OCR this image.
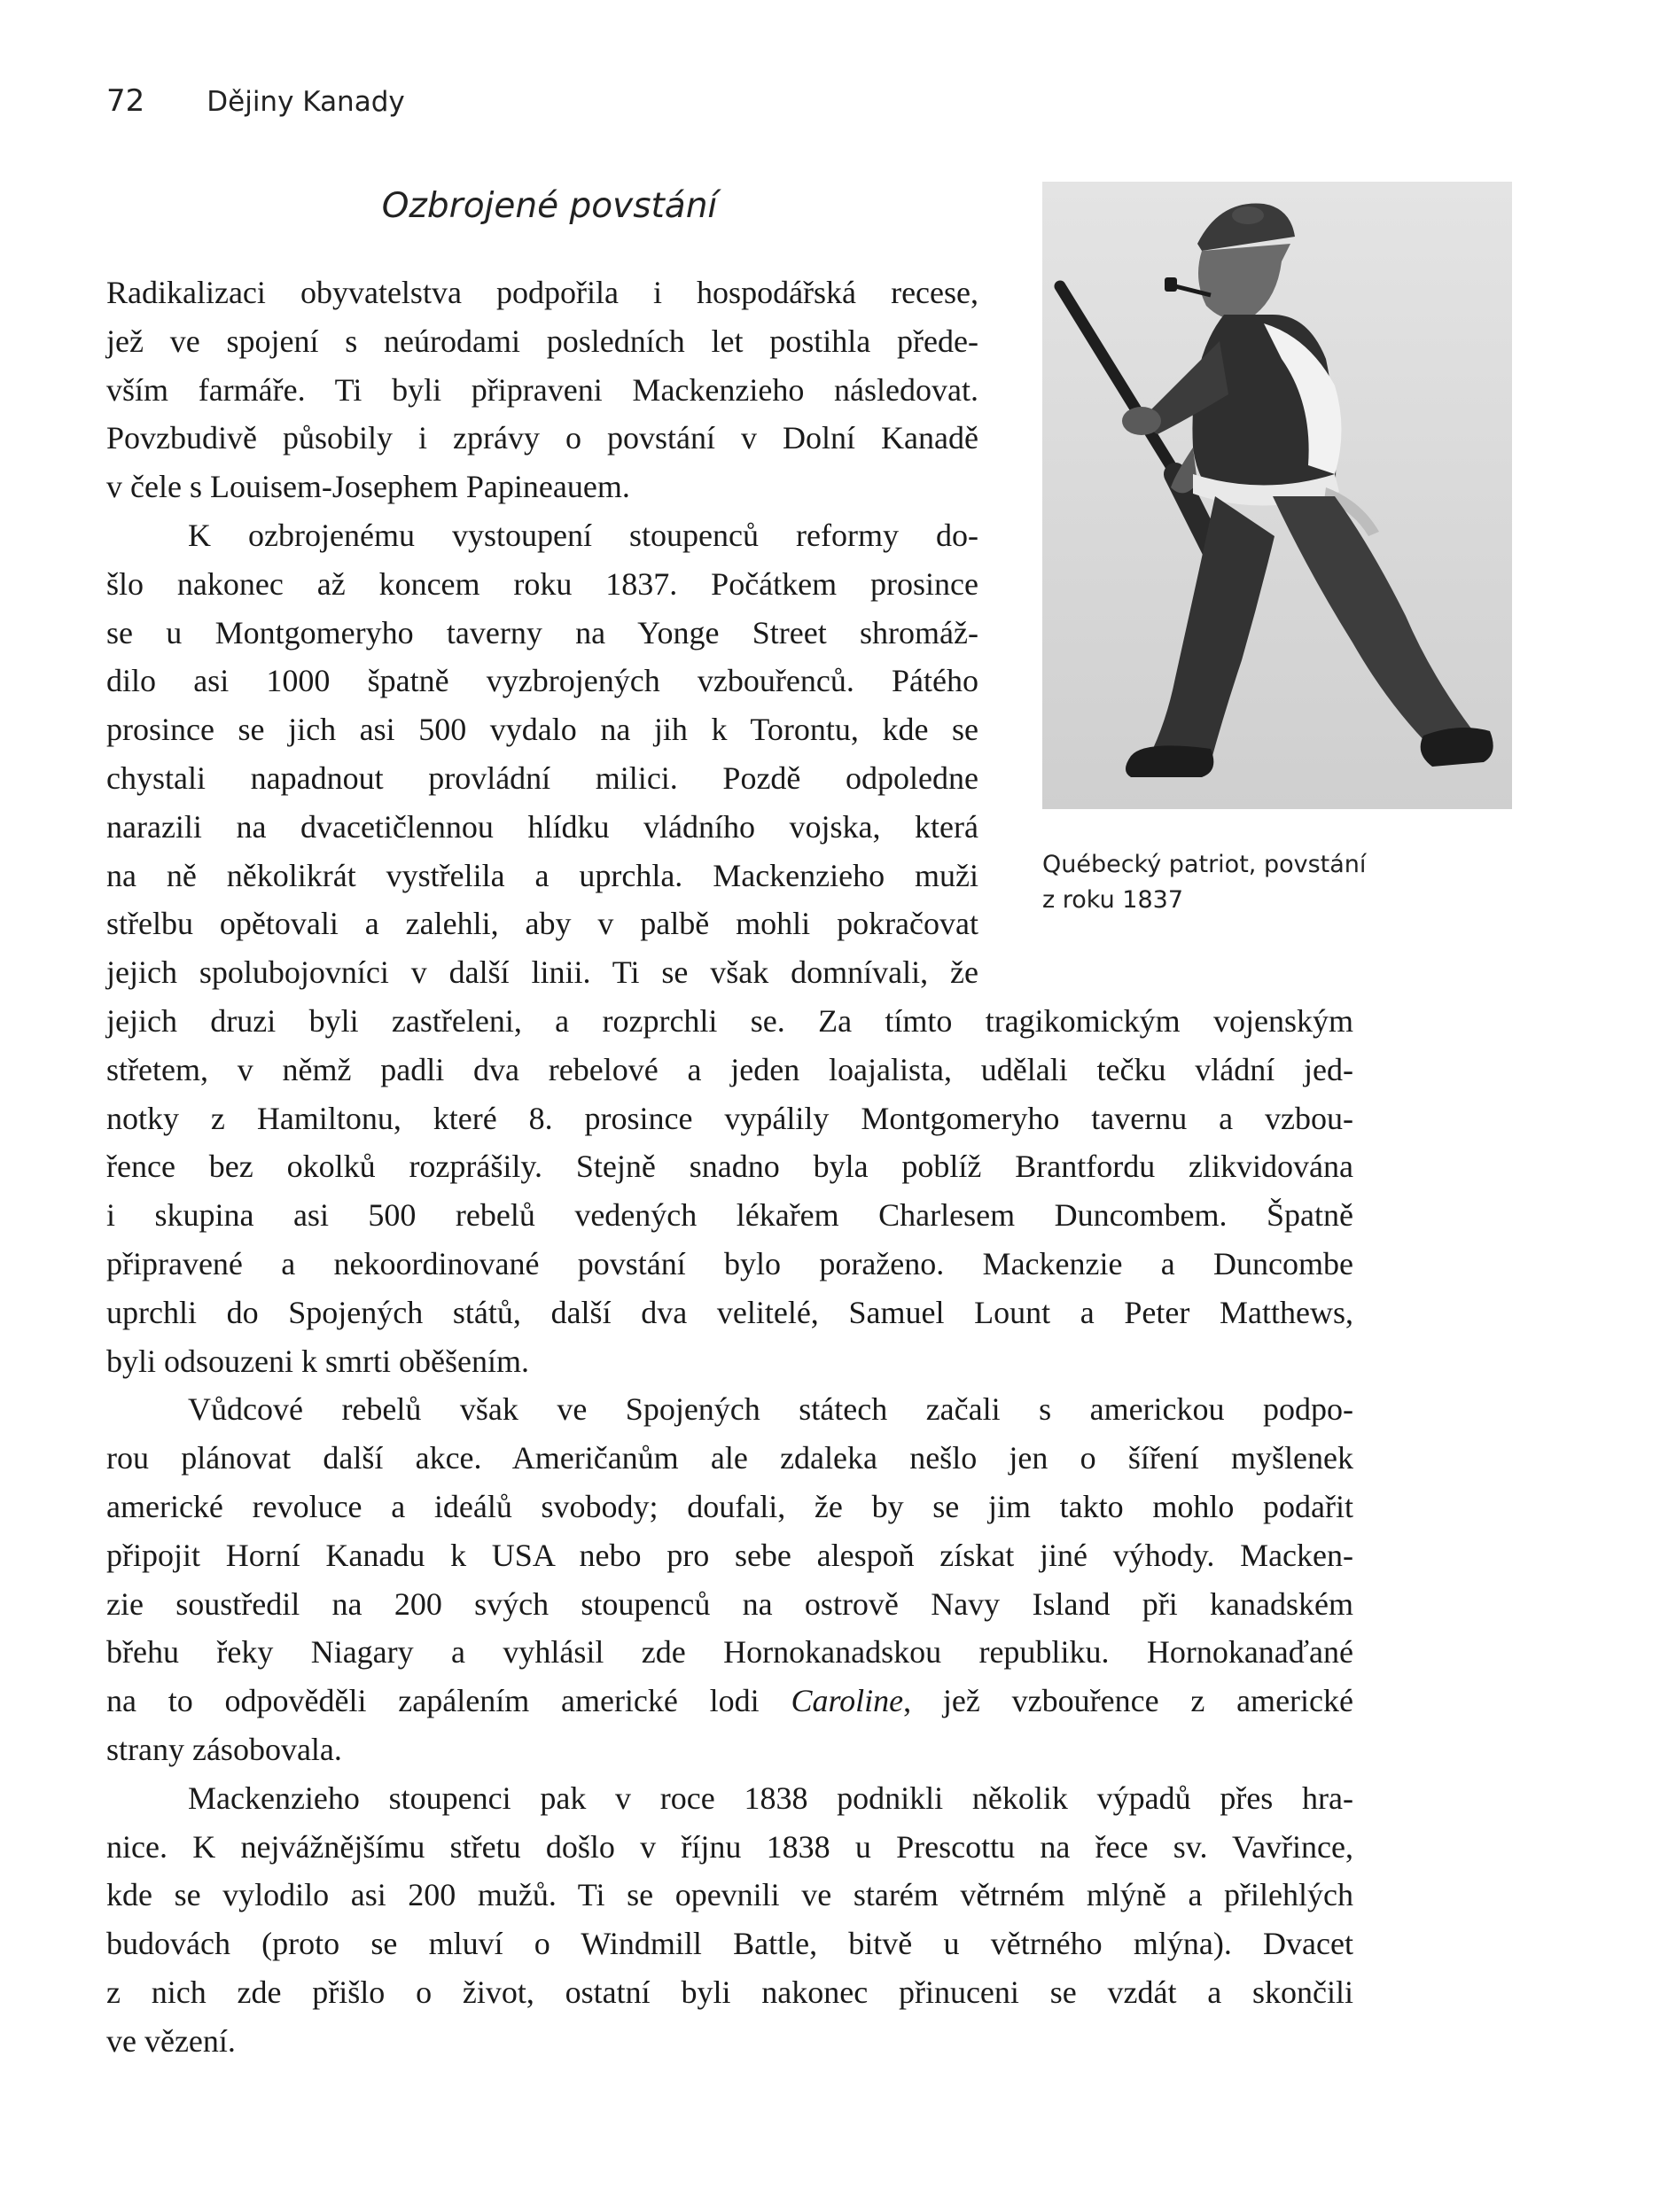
72 Dějiny Kanady
Ozbrojené povstání
Québecký patriot, povstání
z roku 1837
Radikalizaci obyvatelstva podpořila i hospodářská recese,
jež ve spojení s neúrodami posledních let postihla přede-
vším farmáře. Ti byli připraveni Mackenzieho následovat.
Povzbudivě působily i zprávy o povstání v Dolní Kanadě
v čele s Louisem-Josephem Papineauem.
K ozbrojenému vystoupení stoupenců reformy do-
šlo nakonec až koncem roku 1837. Počátkem prosince
se u Montgomeryho taverny na Yonge Street shromáž-
dilo asi 1000 špatně vyzbrojených vzbouřenců. Pátého
prosince se jich asi 500 vydalo na jih k Torontu, kde se
chystali napadnout provládní milici. Pozdě odpoledne
narazili na dvacetičlennou hlídku vládního vojska, která
na ně několikrát vystřelila a uprchla. Mackenzieho muži
střelbu opětovali a zalehli, aby v palbě mohli pokračovat
jejich spolubojovníci v další linii. Ti se však domnívali, že
jejich druzi byli zastřeleni, a rozprchli se. Za tímto tragikomickým vojenským
střetem, v němž padli dva rebelové a jeden loajalista, udělali tečku vládní jed-
notky z Hamiltonu, které 8. prosince vypálily Montgomeryho tavernu a vzbou-
řence bez okolků rozprášily. Stejně snadno byla poblíž Brantfordu zlikvidována
i skupina asi 500 rebelů vedených lékařem Charlesem Duncombem. Špatně
připravené a nekoordinované povstání bylo poraženo. Mackenzie a Duncombe
uprchli do Spojených států, další dva velitelé, Samuel Lount a Peter Matthews,
byli odsouzeni k smrti oběšením.
Vůdcové rebelů však ve Spojených státech začali s americkou podpo-
rou plánovat další akce. Američanům ale zdaleka nešlo jen o šíření myšlenek
americké revoluce a ideálů svobody; doufali, že by se jim takto mohlo podařit
připojit Horní Kanadu k USA nebo pro sebe alespoň získat jiné výhody. Macken-
zie soustředil na 200 svých stoupenců na ostrově Navy Island při kanadském
břehu řeky Niagary a vyhlásil zde Hornokanadskou republiku. Hornokanaďané
na to odpověděli zapálením americké lodi Caroline, jež vzbouřence z americké
strany zásobovala.
Mackenzieho stoupenci pak v roce 1838 podnikli několik výpadů přes hra-
nice. K nejvážnějšímu střetu došlo v říjnu 1838 u Prescottu na řece sv. Vavřince,
kde se vylodilo asi 200 mužů. Ti se opevnili ve starém větrném mlýně a přilehlých
budovách (proto se mluví o Windmill Battle, bitvě u větrného mlýna). Dvacet
z nich zde přišlo o život, ostatní byli nakonec přinuceni se vzdát a skončili
ve vězení.
